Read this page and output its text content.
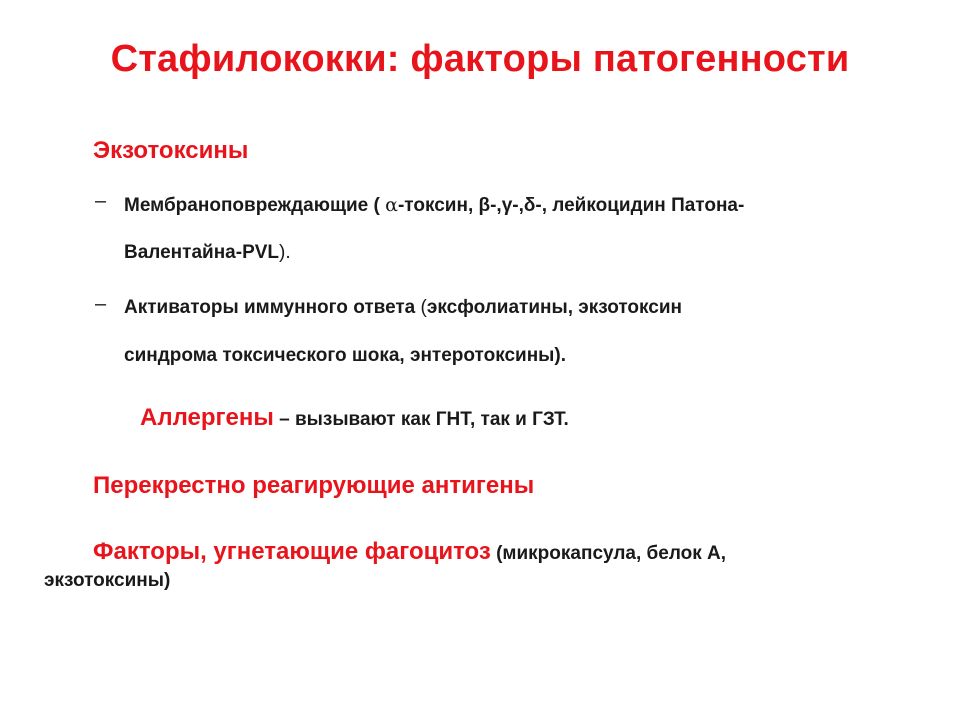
Стафилококки: факторы патогенности
Экзотоксины
– Мембраноповреждающие ( α-токсин, β-,γ-,δ-, лейкоцидин Патона-
Валентайна-PVL).
– Активаторы иммунного ответа (эксфолиатины, экзотоксин
синдрома токсического шока, энтеротоксины).
Аллергены – вызывают как ГНТ, так и ГЗТ.
Перекрестно реагирующие антигены
Факторы, угнетающие фагоцитоз (микрокапсула, белок А,
экзотоксины)
